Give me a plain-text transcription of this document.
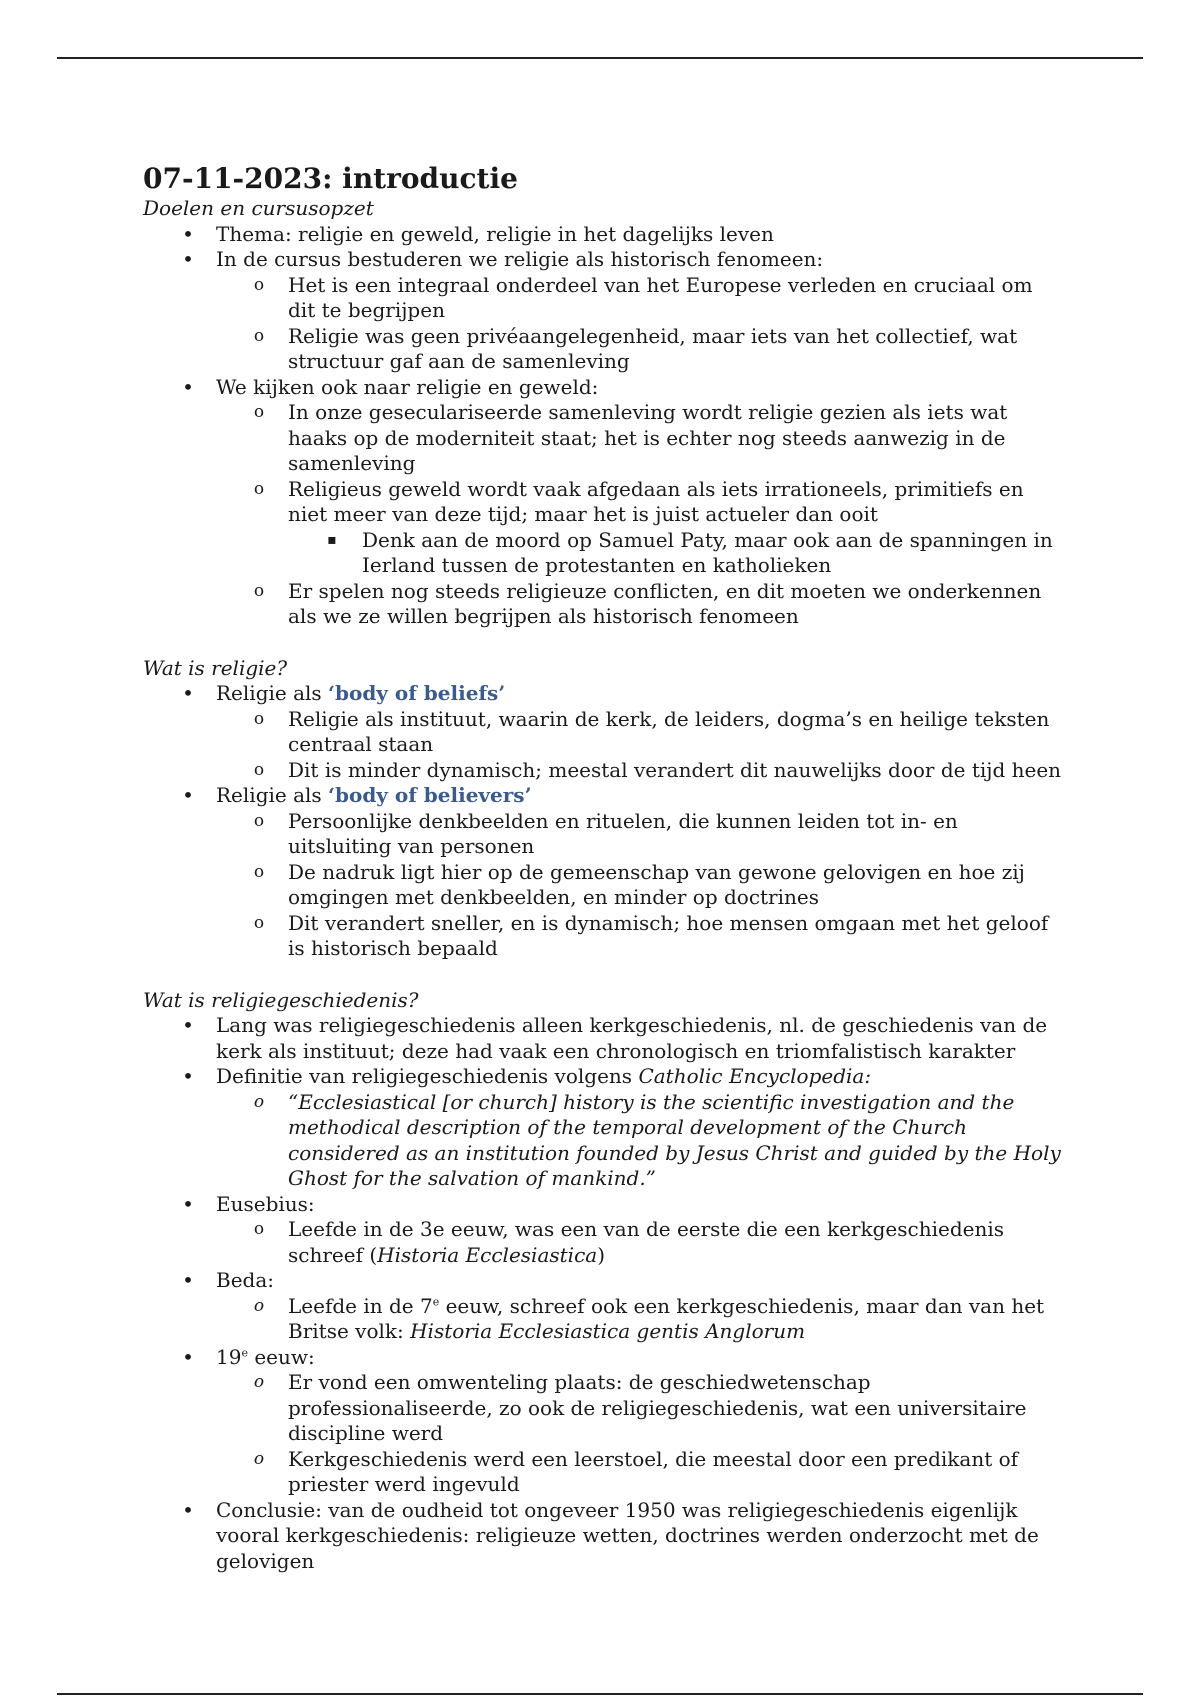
07-11-2023: introductie

Doelen en cursusopzet

• Thema: religie en geweld, religie in het dagelijks leven
• In de cursus bestuderen we religie als historisch fenomeen:
o Het is een integraal onderdeel van het Europese verleden en cruciaal om dit te begrijpen
o Religie was geen privéaangelegenheid, maar iets van het collectief, wat structuur gaf aan de samenleving
• We kijken ook naar religie en geweld:
o In onze geseculariseerde samenleving wordt religie gezien als iets wat haaks op de moderniteit staat; het is echter nog steeds aanwezig in de samenleving
o Religieus geweld wordt vaak afgedaan als iets irrationeels, primitiefs en niet meer van deze tijd; maar het is juist actueler dan ooit
▪ Denk aan de moord op Samuel Paty, maar ook aan de spanningen in Ierland tussen de protestanten en katholieken
o Er spelen nog steeds religieuze conflicten, en dit moeten we onderkennen als we ze willen begrijpen als historisch fenomeen

Wat is religie?

• Religie als ‘body of beliefs’
o Religie als instituut, waarin de kerk, de leiders, dogma’s en heilige teksten centraal staan
o Dit is minder dynamisch; meestal verandert dit nauwelijks door de tijd heen
• Religie als ‘body of believers’
o Persoonlijke denkbeelden en rituelen, die kunnen leiden tot in- en uitsluiting van personen
o De nadruk ligt hier op de gemeenschap van gewone gelovigen en hoe zij omgingen met denkbeelden, en minder op doctrines
o Dit verandert sneller, en is dynamisch; hoe mensen omgaan met het geloof is historisch bepaald

Wat is religiegeschiedenis?

• Lang was religiegeschiedenis alleen kerkgeschiedenis, nl. de geschiedenis van de kerk als instituut; deze had vaak een chronologisch en triomfalistisch karakter
• Definitie van religiegeschiedenis volgens Catholic Encyclopedia:
o “Ecclesiastical [or church] history is the scientific investigation and the methodical description of the temporal development of the Church considered as an institution founded by Jesus Christ and guided by the Holy Ghost for the salvation of mankind.”
• Eusebius:
o Leefde in de 3e eeuw, was een van de eerste die een kerkgeschiedenis schreef (Historia Ecclesiastica)
• Beda:
o Leefde in de 7e eeuw, schreef ook een kerkgeschiedenis, maar dan van het Britse volk: Historia Ecclesiastica gentis Anglorum
• 19e eeuw:
o Er vond een omwenteling plaats: de geschiedwetenschap professionaliseerde, zo ook de religiegeschiedenis, wat een universitaire discipline werd
o Kerkgeschiedenis werd een leerstoel, die meestal door een predikant of priester werd ingevuld
• Conclusie: van de oudheid tot ongeveer 1950 was religiegeschiedenis eigenlijk vooral kerkgeschiedenis: religieuze wetten, doctrines werden onderzocht met de gelovigen
